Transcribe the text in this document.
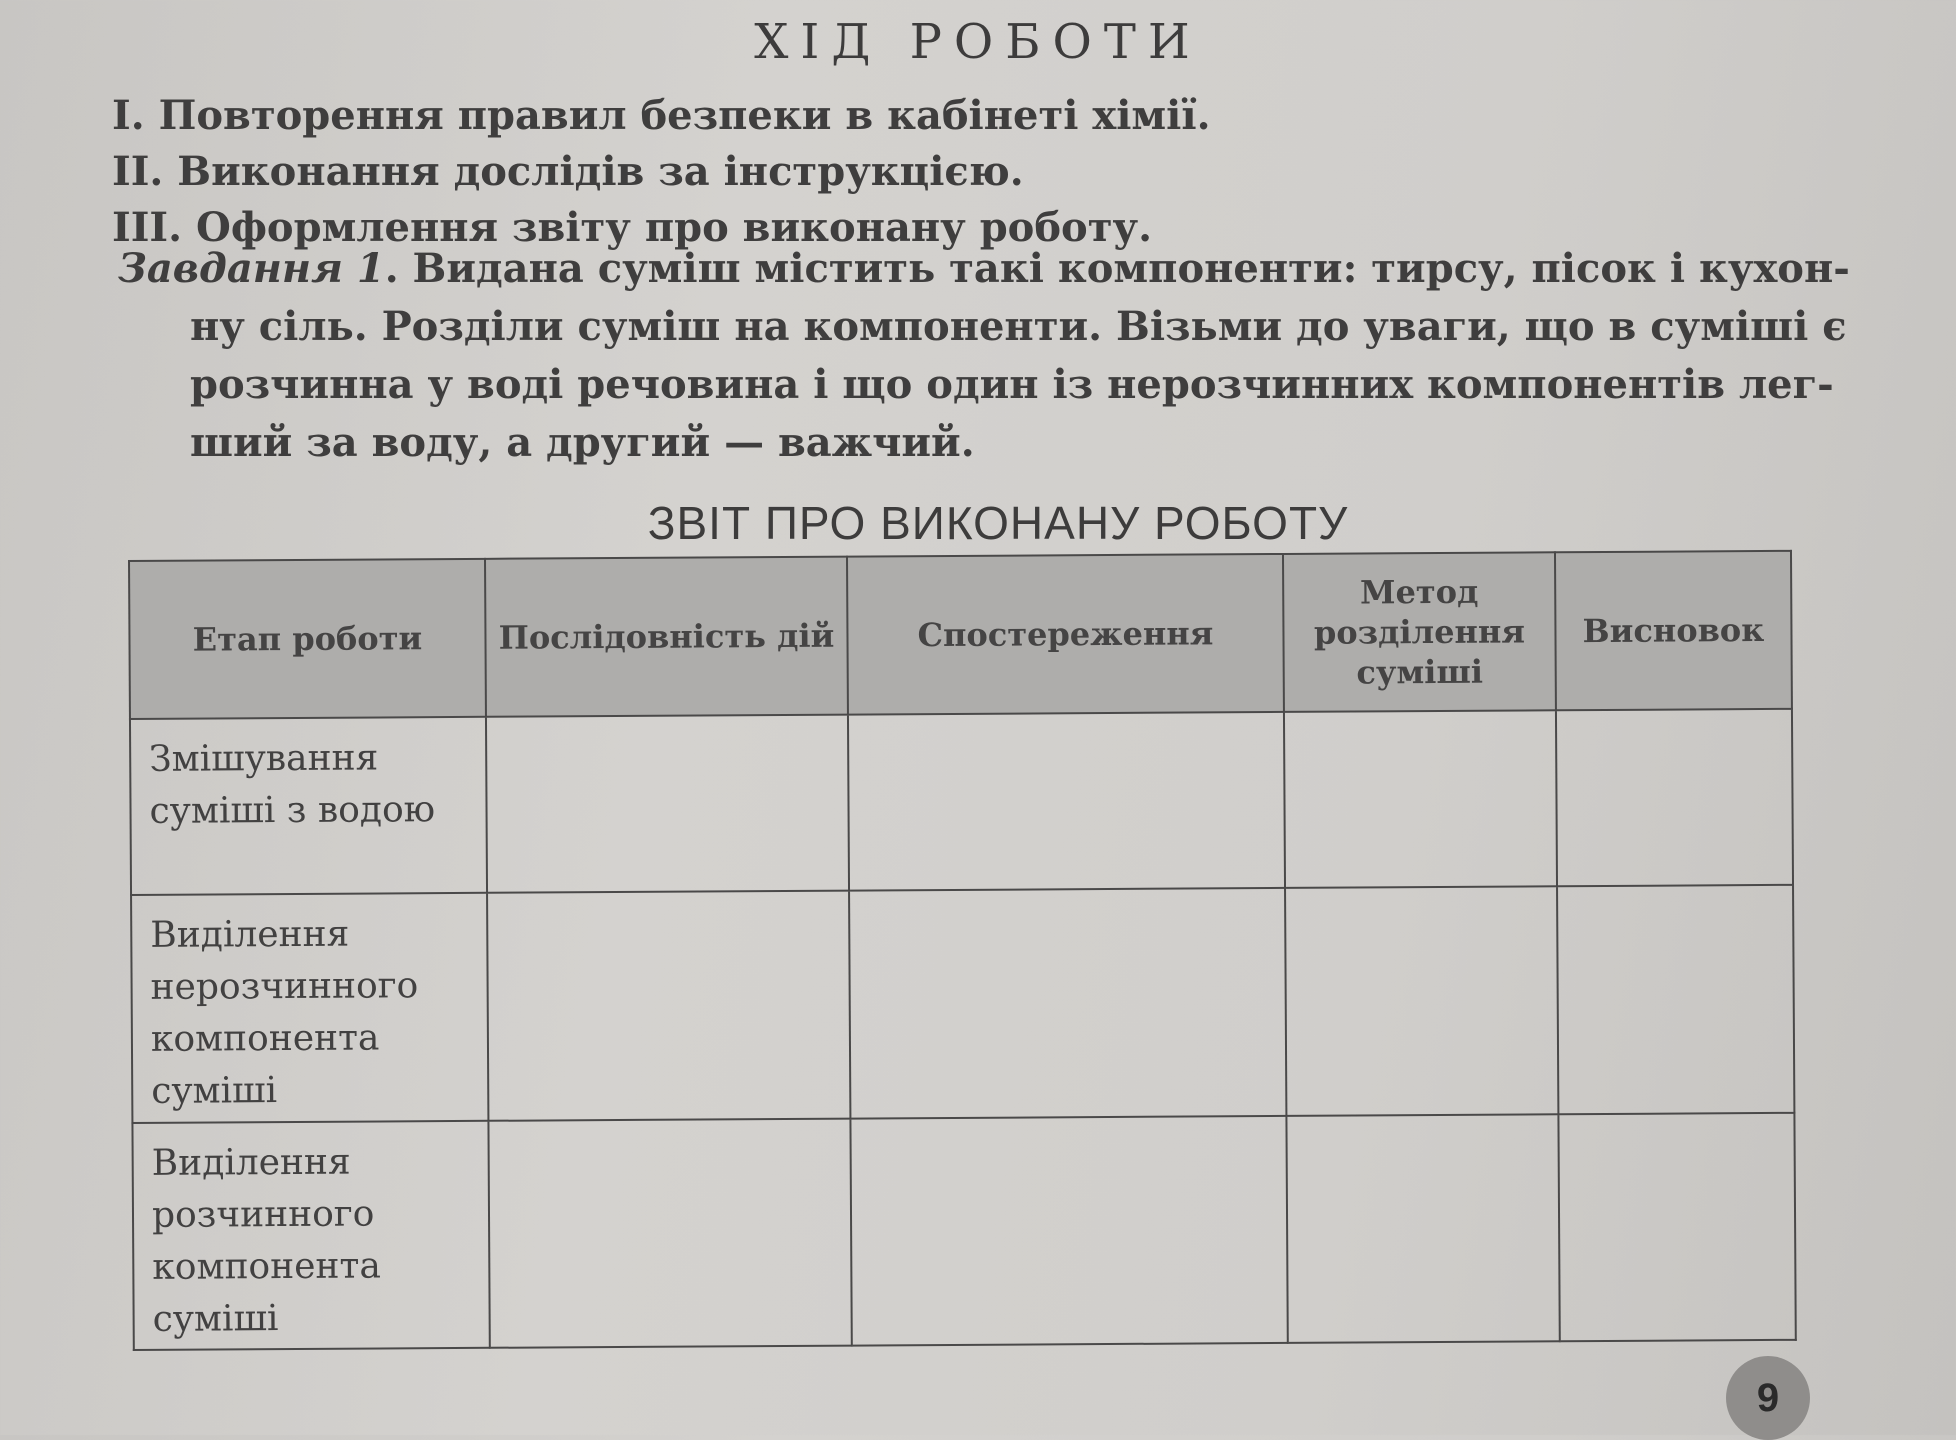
ХІД РОБОТИ
I. Повторення правил безпеки в кабінеті хімії.
II. Виконання дослідів за інструкцією.
III. Оформлення звіту про виконану роботу.
Завдання 1. Видана суміш містить такі компоненти: тирсу, пісок і кухон-
ну сіль. Розділи суміш на компоненти. Візьми до уваги, що в суміші є
розчинна у воді речовина і що один із нерозчинних компонентів лег-
ший за воду, а другий — важчий.
ЗВІТ ПРО ВИКОНАНУ РОБОТУ
Етап роботи	Послідовність дій	Спостереження	Метод розділення суміші	Висновок
Змішування суміші з водою				
Виділення нерозчинного компонента суміші				
Виділення розчинного компонента суміші				
9
